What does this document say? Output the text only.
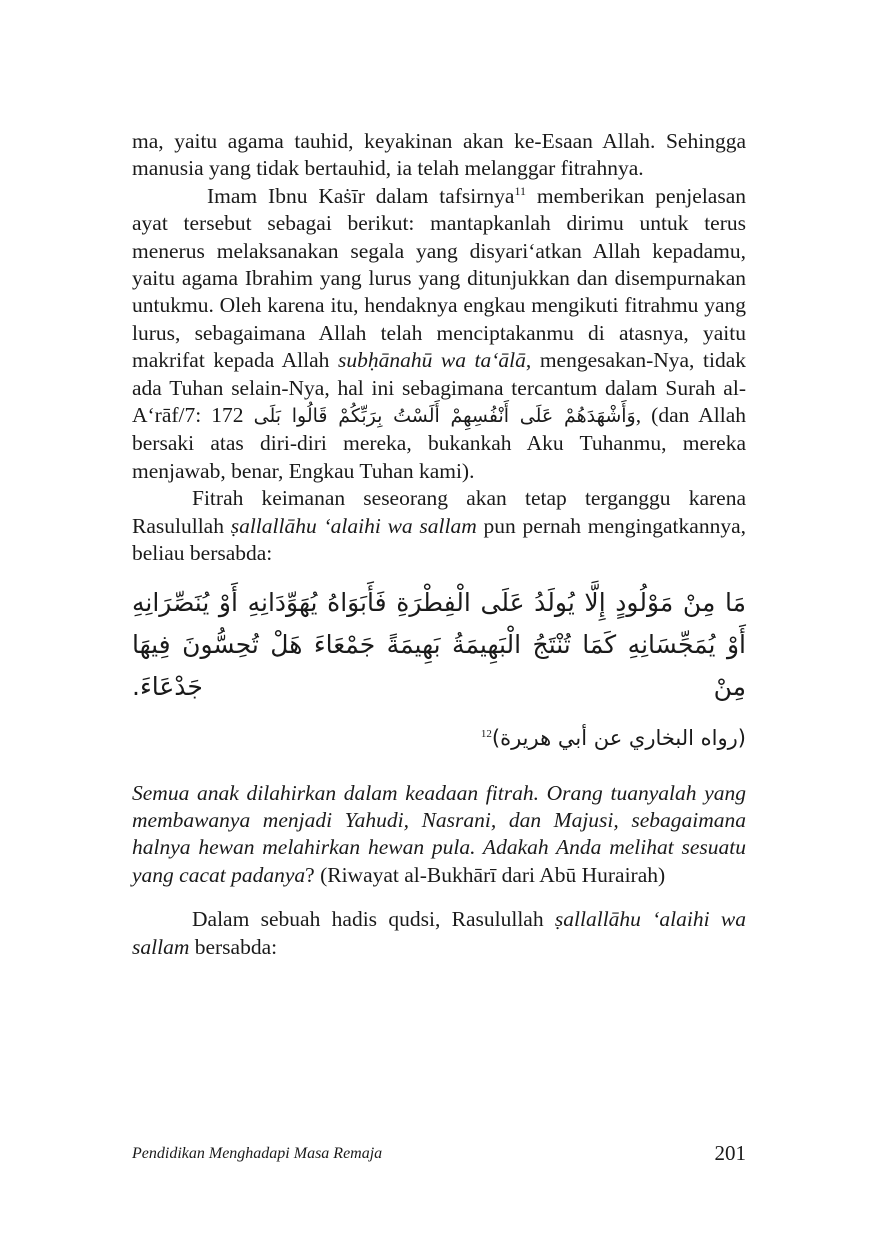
ma, yaitu agama tauhid, keyakinan akan ke-Esaan Allah. Sehingga manusia yang tidak bertauhid, ia telah melanggar fitrahnya.

Imam Ibnu Kaṡīr dalam tafsirnya$^{11}$ memberikan penjelasan ayat tersebut sebagai berikut: mantapkanlah dirimu untuk terus menerus melaksanakan segala yang disyari‘atkan Allah kepadamu, yaitu agama Ibrahim yang lurus yang ditunjukkan dan disempurnakan untukmu. Oleh karena itu, hendaknya engkau mengikuti fitrahmu yang lurus, sebagaimana Allah telah menciptakanmu di atasnya, yaitu makrifat kepada Allah subḥānahū wa ta‘ālā, mengesakan-Nya, tidak ada Tuhan selain-Nya, hal ini sebagimana tercantum dalam Surah al-A‘rāf/7: 172 وَأَشْهَدَهُمْ عَلَى أَنْفُسِهِمْ أَلَسْتُ بِرَبِّكُمْ قَالُوا بَلَى, (dan Allah bersaki atas diri-diri mereka, bukankah Aku Tuhanmu, mereka menjawab, benar, Engkau Tuhan kami).

Fitrah keimanan seseorang akan tetap terganggu karena Rasulullah ṣallallāhu ‘alaihi wa sallam pun pernah mengingatkannya, beliau bersabda:

مَا مِنْ مَوْلُودٍ إِلَّا يُولَدُ عَلَى الْفِطْرَةِ فَأَبَوَاهُ يُهَوِّدَانِهِ أَوْ يُنَصِّرَانِهِ أَوْ يُمَجِّسَانِهِ كَمَا تُنْتَجُ الْبَهِيمَةُ بَهِيمَةً جَمْعَاءَ هَلْ تُحِسُّونَ فِيهَا مِنْ جَدْعَاءَ.

(رواه البخاري عن أبي هريرة)$^{12}$

Semua anak dilahirkan dalam keadaan fitrah. Orang tuanyalah yang membawanya menjadi Yahudi, Nasrani, dan Majusi, sebagaimana halnya hewan melahirkan hewan pula. Adakah Anda melihat sesuatu yang cacat padanya? (Riwayat al-Bukhārī dari Abū Hurairah)

Dalam sebuah hadis qudsi, Rasulullah ṣallallāhu ‘alaihi wa sallam bersabda:

Pendidikan Menghadapi Masa Remaja	201
